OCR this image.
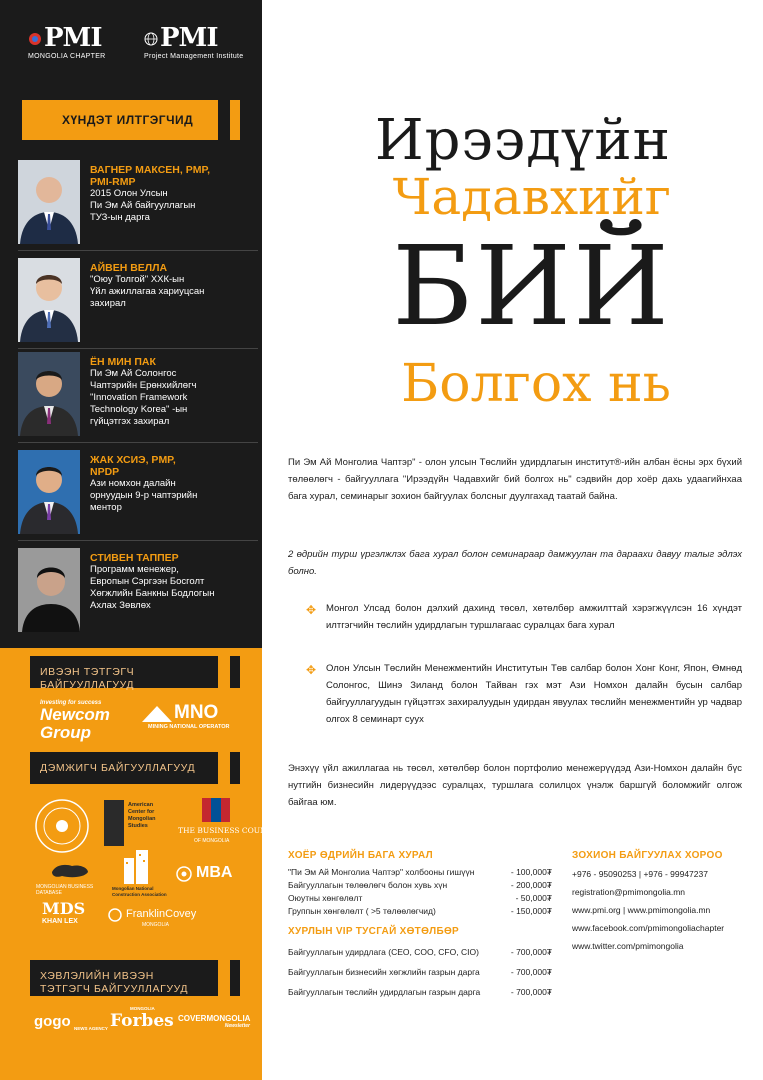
PMI
MONGOLIA CHAPTER
PMI
Project Management Institute
ХҮНДЭТ ИЛТГЭГЧИД
ВАГНЕР МАКСЕН, PMP,
PMI-RMP
2015 Олон Улсын
Пи Эм Ай байгууллагын
ТУЗ-ын дарга
АЙВЕН ВЕЛЛА
"Оюу Толгой" ХХК-ын
Үйл ажиллагаа хариуцсан
захирал
ЁН МИН ПАК
Пи Эм Ай Солонгос
Чаптэрийн Ерөнхийлөгч
"Innovation Framework
Technology Korea" -ын
гүйцэтгэх захирал
ЖАК ХСИЭ, PMP,
NPDP
Ази номхон далайн
орнуудын 9-р чаптэрийн
ментор
СТИВЕН ТАППЕР
Программ менежер,
Европын Сэргээн Босголт
Хөгжлийн Банкны Бодлогын
Ахлах Зөвлөх
ИВЭЭН ТЭТГЭГЧ БАЙГУУЛЛАГУУД
Investing for success
Newcom Group
MNO
MINING NATIONAL OPERATOR
ДЭМЖИГЧ БАЙГУУЛЛАГУУД
American Center for Mongolian Studies	THE BUSINESS COUNCIL
OF MONGOLIA
MONGOLIAN BUSINESS DATABASE
Mongolian National Construction Association
MBA
MDS
KHAN LEX
FranklinCovey
MONGOLIA
ХЭВЛЭЛИЙН ИВЭЭН
ТЭТГЭГЧ БАЙГУУЛЛАГУУД
gogo NEWS AGENCY Forbes
MONGOLIA
COVERMONGOLIA
Newsletter
Ирээдүйн
Чадавхийг
БИЙ
Болгох нь
Пи Эм Ай Монголиа Чаптэр" - олон улсын Төслийн удирдлагын институт®-ийн албан ёсны эрх бүхий төлөөлөгч - байгууллага "Ирээдүйн Чадавхийг бий болгох нь" сэдвийн дор хоёр дахь удаагийнхаа бага хурал, семинарыг зохион байгуулах болсныг дуулгахад таатай байна.
2 өдрийн турш үргэлжлэх бага хурал болон семинараар дамжуулан та дараахи давуу талыг эдлэх болно.
✥ Монгол Улсад болон дэлхий дахинд төсөл, хөтөлбөр амжилттай хэрэгжүүлсэн 16 хүндэт илтгэгчийн төслийн удирдлагын туршлагаас суралцах бага хурал
✥ Олон Улсын Төслийн Менежментийн Институтын Төв салбар болон Хонг Конг, Япон, Өмнөд Солонгос, Шинэ Зиланд болон Тайван гэх мэт Ази Номхон далайн бусын салбар байгууллагуудын гүйцэтгэх захиралуудын удирдан явуулах төслийн менежментийн ур чадвар олгох 8 семинарт суух
Энэхүү үйл ажиллагаа нь төсөл, хөтөлбөр болон портфолио менежерүүдэд Ази-Номхон далайн бүс нутгийн бизнесийн лидерүүдээс суралцах, туршлага солилцох үнэлж баршгүй боломжийг олгож байгаа юм.
ХОЁР ӨДРИЙН БАГА ХУРАЛ
"Пи Эм Ай Монголиа Чаптэр" холбооны гишүүн	- 100,000₮
Байгууллагын төлөөлөгч болон хувь хүн	- 200,000₮
Оюутны хөнгөлөлт	- 50,000₮
Группын хөнгөлөлт ( >5 төлөөлөгчид)	- 150,000₮
ХУРЛЫН VIP ТУСГАЙ ХӨТӨЛБӨР
Байгууллагын удирдлага (CEO, COO, CFO, CIO)	- 700,000₮
Байгууллагын бизнесийн хөгжлийн газрын дарга	- 700,000₮
Байгууллагын төслийн удирдлагын газрын дарга	- 700,000₮
ЗОХИОН БАЙГУУЛАХ ХОРОО
+976 - 95090253 | +976 - 99947237
registration@pmimongolia.mn
www.pmi.org | www.pmimongolia.mn
www.facebook.com/pmimongoliachapter
www.twitter.com/pmimongolia
